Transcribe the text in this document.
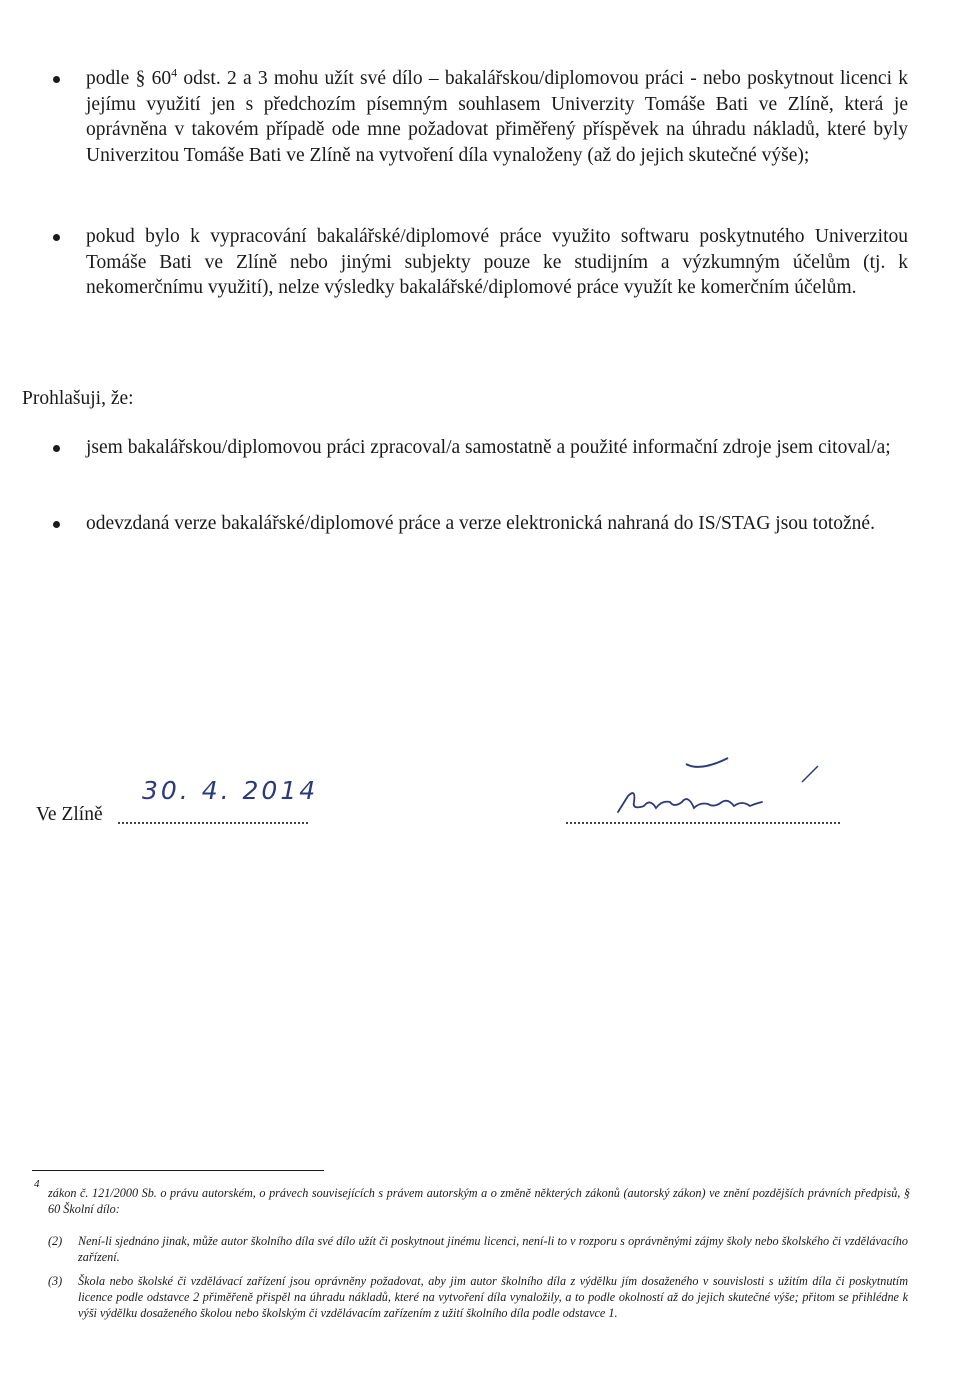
podle § $60^4$ odst. 2 a 3 mohu užít své dílo – bakalářskou/diplomovou práci - nebo poskytnout licenci k jejímu využití jen s předchozím písemným souhlasem Univerzity Tomáše Bati ve Zlíně, která je oprávněna v takovém případě ode mne požadovat přiměřený příspěvek na úhradu nákladů, které byly Univerzitou Tomáše Bati ve Zlíně na vytvoření díla vynaloženy (až do jejich skutečné výše);
pokud bylo k vypracování bakalářské/diplomové práce využito softwaru poskytnutého Univerzitou Tomáše Bati ve Zlíně nebo jinými subjekty pouze ke studijním a výzkumným účelům (tj. k nekomerčnímu využití), nelze výsledky bakalářské/diplomové práce využít ke komerčním účelům.
Prohlašuji, že:
jsem bakalářskou/diplomovou práci zpracoval/a samostatně a použité informační zdroje jsem citoval/a;
odevzdaná verze bakalářské/diplomové práce a verze elektronická nahraná do IS/STAG jsou totožné.
Ve Zlíně
30. 4. 2014
4
zákon č. 121/2000 Sb. o právu autorském, o právech souvisejících s právem autorským a o změně některých zákonů (autorský zákon) ve znění pozdějších právních předpisů, § 60 Školní dílo:
(2) Není-li sjednáno jinak, může autor školního díla své dílo užít či poskytnout jinému licenci, není-li to v rozporu s oprávněnými zájmy školy nebo školského či vzdělávacího zařízení.
(3) Škola nebo školské či vzdělávací zařízení jsou oprávněny požadovat, aby jim autor školního díla z výdělku jím dosaženého v souvislosti s užitím díla či poskytnutím licence podle odstavce 2 přiměřeně přispěl na úhradu nákladů, které na vytvoření díla vynaložily, a to podle okolností až do jejich skutečné výše; přitom se přihlédne k výši výdělku dosaženého školou nebo školským či vzdělávacím zařízením z užití školního díla podle odstavce 1.
